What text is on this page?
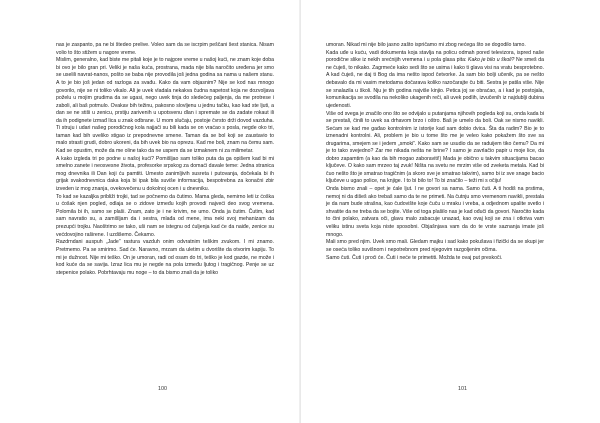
nas je zaspanto, pa ne bi štedeo prelive. Voleo sam da se iscrpim peščani šest stanica. Nisam volio to što stižem u nagore vreme.

Mislim, generalno, kad biste me pitali koje je to najgore vreme u našoj kući, ne znam koje doba bi ovo je bilo gran pri. Veliki je naša kuća, prostrana, mada nije bila naročito uređena jer smo se uselili navrat-nanos, pošto se baba nije provodila još jedna godina sa nama u našem stanu. A to je bio još jedan od razloga za svađu. Kako da vam objasnim? Nije se kod nas mnogo govorilo, nije se ni toliko vikalo. Ali je uvek vladala nekakva čudna napetost koja ne dozvoljava poželu u mojim grudima da se ugasi, nego uvek tinja do sledećeg paljenja, da me protrese i zaboli, ali baš potmulo. Ovakav bih težinu, pakosno slovljenu u jednu tačku, kao kad ste ljuti, a dan se ne stiši u zenicu, prstiju zarivenih u upotsvenu dlan i spremate se da zadate rokaut ili da ih podignete izmađ lica u znak odbrane. U mom slučaju, postoje čvrsto drži dovod vazduha. Ti struju i udari našeg porodičnog kola najjači su bili kada se on vraćao s posla, negde oko tri, taman kad bih uveliko stigao iz prepodnevne smene. Taman da se bol koji se zaustavio to malo strasti grudi, dobro ukoreni, da bih uvek bio na oprezu. Kad me boli, znam na čemu sam. Kad se opustim, može da me oline tako da ne uspem da se izmaknem ni za milimetar.

A kako izgleda tri po podne u našoj kući? Pomišljao sam toliko puta da ga opišem kad bi mi smelno zanete i neosvesne života, profesorke srpskog za domaći davale teme: Jedna stranica mog dnevnika ili Dan koji ću pamtiti. Umesto zanimljivih susreta i putovanja, dočekala bi ih grijak svakodnevnica daka koja bi ipak bila suviše informacija, bespotrebna za konačni zbir izveden iz mog znanja, ovekovečenu u dokolnoj ocen i u dnevniku.

To kad se kazaljka približi trojki, tad se počnemo da čutimo. Mama gleda, nemirno leti iz ćoška u ćošak njen pogled, odlaja se o zidove između kojih provodi najveći deo svog vremena. Polomila bi ih, samo se plaši. Znam, zato je i ne krivim, ne umo. Onda ja čutim. Čutim, kad sam navratio su, a zamišljam da i sestra, mlađa od mene, ima neki svoj mehanizam da prezupći trojku. Naoštrimo se tako, uši nam se istegnu od ćuljenja kad će da naiđe, zenice su većdovojino raširene. I uzdišemo. Čekamo.

Razdrndani auspuh „Jade” rastura vazduh onim odvratnim teškim zvukom. I mi znamo. Pretmemo. Pa se smirimo. Sad će. Naravno, mrzam da uletim u dvorište da otvorim kapiju. To mi je dužnost. Nije mi teško. On je umoran, radi od osam do tri, teško je kod gazde, ne može i kod kuće da se savija. Izraz lica mu je negde na pola između ljutog i tragičnog. Penje se uz stepenice polako. Pobrhtavaju mu noge – to da bismo znali da je toliko

100

umoran. Nikad mi nije bilo jasno zašto ispričamo mi zbog nećega što se dogodilo tamo.

Kada uđe u kuću, vadi dokumenta koja stavlja na policu odmah pored televizora, ispred naše porodične slike iz nekih srećnijih vremena i u pola glasa pita: Kako je bilo u školi? Ne smeš da ne čuješ, to nikako. Zagrmeće kako sedi što se usima i kako ti glava visi na vratu besprotebno. A kad čuješ, ne daj ti Bog da ima nešto ispod četvorke. Ja sam bio bolji učenik, pa se nešto debavalo da mi vasim metodama dočarava koliko razočarajte ču biti. Sestra je patila više. Nije se snalazila u školi. Nju je tih godina najviše kinjio. Petica joj se obraćao, a i kad je postojala, komunikacija se svodila na nekoliko ukagenih reči, ali uvek podlih, izvučenih iz najdublji dubina ujedenosti.

Više od svega je značilo ono što se odvijalo u putanjama njihovih pogleda koji su, onda kada bi se prestali, činili to uvek sa drhavom brzo i oštro. Baš je umelo da boli. Oak se nismo navikli. Sećam se kad me gađao kontrolnim iz istorije kad sam dobio dvica. Šta da radim? Bio je to iznenadni kontrolni. Ali, problem je bio u tome što me je veleo kako pokažem što sve sa drugarima, smejem se i jedem „smoki”. Kako sam se usudio da se raduijem tiko čemu? Da mi je to tako svejedno? Zar me nikada nešta ne brine? I samo je zavrlačio papir u moje lice, da dobro zapamtim (a kao da bih mogao zaboraviti!) Mada je obično u takvim situacijama bacao ključeve. O kako sam mrzeo taj zvuk! Ništa na svetu ne mrzim više od zveketa metala. Kad bi čuo nešto što je smatrao tragičnim (a skoro sve je smatrao takvim), samo bi iz sve snage bacio ključeve u ugao police, na knjige. I to bi bilo to! To bi značilo – teži mi s očiju!

Onda bismo znali – opet je ćale ljut. I ne govori sa nama. Samo čuti. A ti hodiš na prstima, nemoj ni da dišeš ako trebaš samo da te ne primeti. Na čutnju smo vremenom navikli, prestala je da nam bude strašna, kao čudovište koje čuču u mraku i vreba, a odjednom upalite svetlo i shvatite da ne treba da se bojite. Više od toga plašilo nas je kad ođuči da govori. Naročito kada to čini polako, zatvara oči, glavu malo zabacuje unazad, kao ovaj koji se zna i otkriva vam veliku istinu sveta koja niste sposobni. Objašnjava vam da do te vrste saznanja imate još mnogo.

Mali smo pred njim. Uvek smo mali. Gledam majku i sad kako pokušava i fizički da se skupi jer se oseća toliko suvišnom i nepotrebnom pred njegovim razgoljenim očima.

Samo čuti. Čuti i proći će. Čuti i neće te primetiti. Možda te ovaj put preskoči.

101
